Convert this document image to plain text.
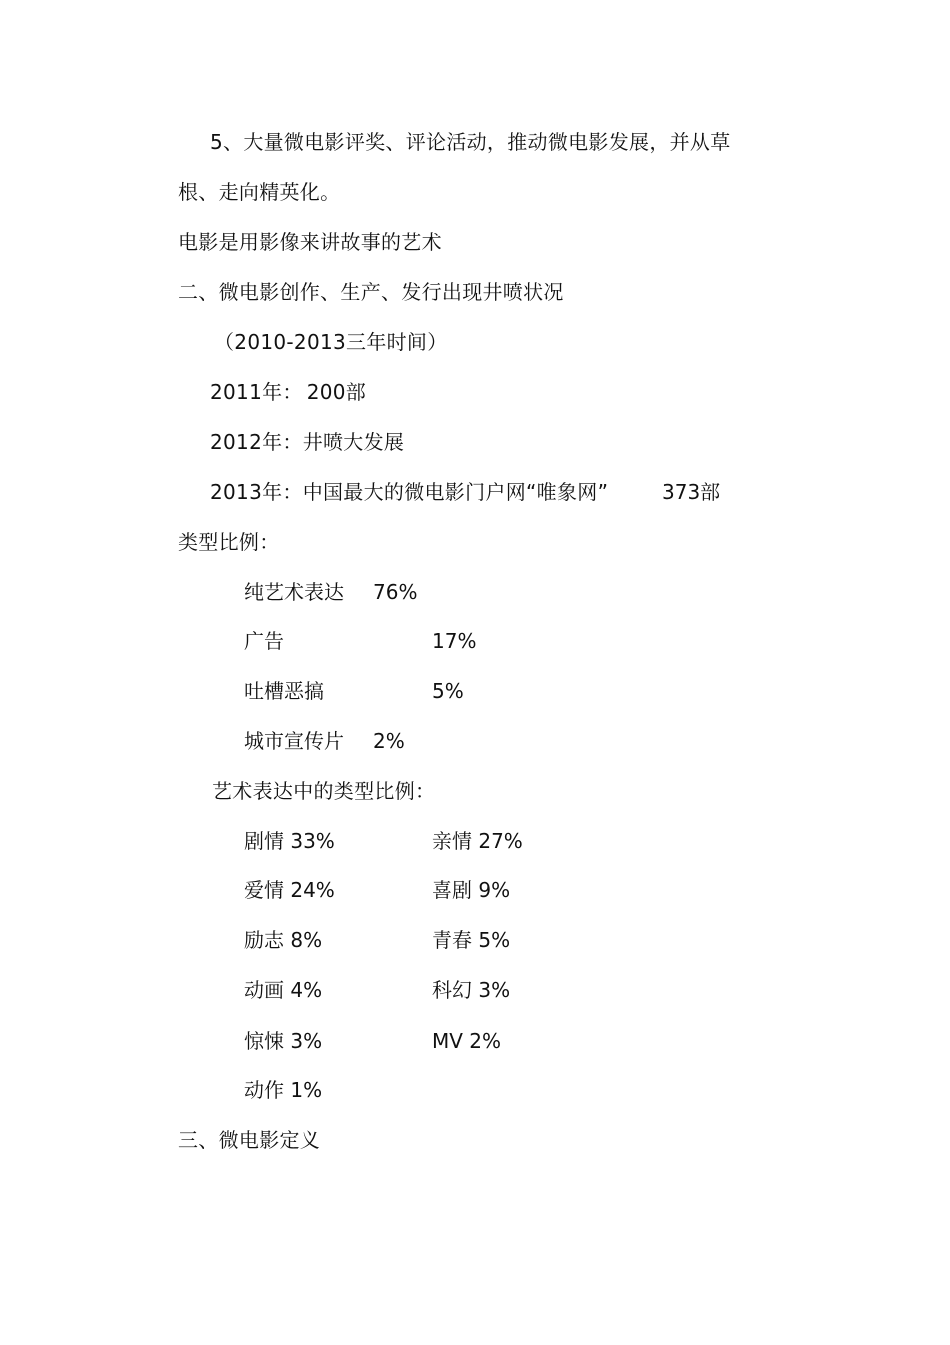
5、大量微电影评奖、评论活动，推动微电影发展，并从草
根、走向精英化。
电影是用影像来讲故事的艺术
二、微电影创作、生产、发行出现井喷状况
（2010-2013三年时间）
2011年： 200部
2012年：井喷大发展
2013年：中国最大的微电影门户网“唯象网”	373部
类型比例：
纯艺术表达 76%
广告	17%
吐槽恶搞	5%
城市宣传片 2%
艺术表达中的类型比例：
剧情 33%	亲情 27%
爱情 24%	喜剧 9%
励志 8%	青春 5%
动画 4%	科幻 3%
惊悚 3%	MV 2%
动作 1%
三、微电影定义
